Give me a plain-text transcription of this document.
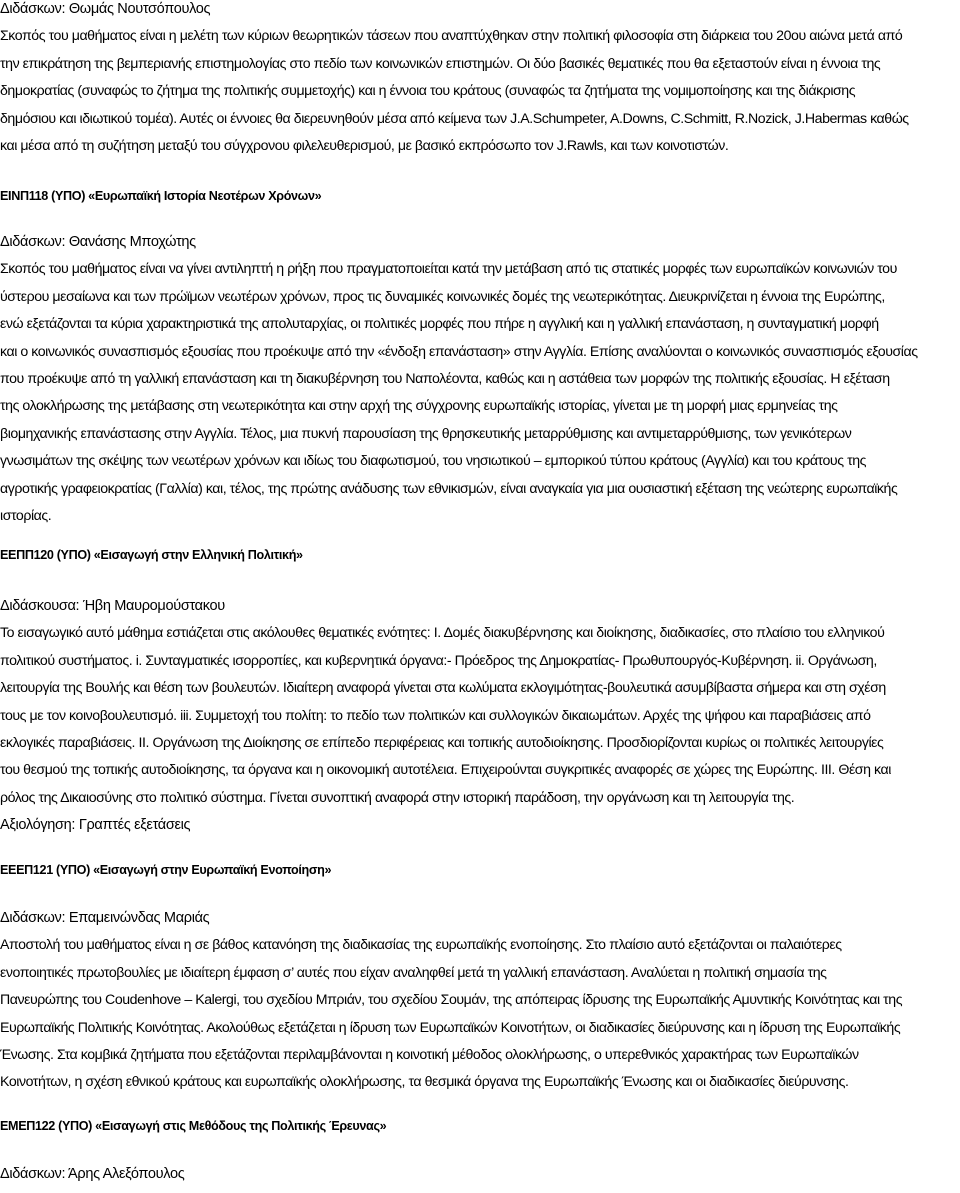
Διδάσκων: Θωμάς Νουτσόπουλος
Σκοπός του μαθήματος είναι η μελέτη των κύριων θεωρητικών τάσεων που αναπτύχθηκαν στην πολιτική φιλοσοφία στη διάρκεια του 20ου αιώνα μετά από
την επικράτηση της βεμπεριανής επιστημολογίας στο πεδίο των κοινωνικών επιστημών. Οι δύο βασικές θεματικές που θα εξεταστούν είναι η έννοια της
δημοκρατίας (συναφώς το ζήτημα της πολιτικής συμμετοχής) και η έννοια του κράτους (συναφώς τα ζητήματα της νομιμοποίησης και της διάκρισης
δημόσιου και ιδιωτικού τομέα). Αυτές οι έννοιες θα διερευνηθούν μέσα από κείμενα των J.A.Schumpeter, A.Downs, C.Schmitt, R.Nozick, J.Habermas καθώς
και μέσα από τη συζήτηση μεταξύ του σύγχρονου φιλελευθερισμού, με βασικό εκπρόσωπο τον J.Rawls, και των κοινοτιστών.
ΕΙΝΠ118 (ΥΠΟ) «Ευρωπαϊκή Ιστορία Νεοτέρων Χρόνων»
Διδάσκων: Θανάσης Μποχώτης
Σκοπός του μαθήματος είναι να γίνει αντιληπτή η ρήξη που πραγματοποιείται κατά την μετάβαση από τις στατικές μορφές των ευρωπαϊκών κοινωνιών του
ύστερου μεσαίωνα και των πρώϊμων νεωτέρων χρόνων, προς τις δυναμικές κοινωνικές δομές της νεωτερικότητας. Διευκρινίζεται η έννοια της Ευρώπης,
ενώ εξετάζονται τα κύρια χαρακτηριστικά της απολυταρχίας, οι πολιτικές μορφές που πήρε η αγγλική και η γαλλική επανάσταση, η συνταγματική μορφή
και ο κοινωνικός συνασπισμός εξουσίας που προέκυψε από την «ένδοξη επανάσταση» στην Αγγλία. Επίσης αναλύονται ο κοινωνικός συνασπισμός εξουσίας
που προέκυψε από τη γαλλική επανάσταση και τη διακυβέρνηση του Ναπολέοντα, καθώς και η αστάθεια των μορφών της πολιτικής εξουσίας. Η εξέταση
της ολοκλήρωσης της μετάβασης στη νεωτερικότητα και στην αρχή της σύγχρονης ευρωπαϊκής ιστορίας, γίνεται με τη μορφή μιας ερμηνείας της
βιομηχανικής επανάστασης στην Αγγλία. Τέλος, μια πυκνή παρουσίαση της θρησκευτικής μεταρρύθμισης και αντιμεταρρύθμισης, των γενικότερων
γνωσιμάτων της σκέψης των νεωτέρων χρόνων και ιδίως του διαφωτισμού, του νησιωτικού – εμπορικού τύπου κράτους (Αγγλία) και του κράτους της
αγροτικής γραφειοκρατίας (Γαλλία) και, τέλος, της πρώτης ανάδυσης των εθνικισμών, είναι αναγκαία για μια ουσιαστική εξέταση της νεώτερης ευρωπαϊκής
ιστορίας.
ΕΕΠΠ120 (ΥΠΟ) «Εισαγωγή στην Ελληνική Πολιτική»
Διδάσκουσα: Ήβη Μαυρομούστακου
Το εισαγωγικό αυτό μάθημα εστιάζεται στις ακόλουθες θεματικές ενότητες: Ι. Δομές διακυβέρνησης και διοίκησης, διαδικασίες, στο πλαίσιο του ελληνικού
πολιτικού συστήματος. i. Συνταγματικές ισορροπίες, και κυβερνητικά όργανα:- Πρόεδρος της Δημοκρατίας- Πρωθυπουργός-Κυβέρνηση. ii. Οργάνωση,
λειτουργία της Βουλής και θέση των βουλευτών. Ιδιαίτερη αναφορά γίνεται στα κωλύματα εκλογιμότητας-βουλευτικά ασυμβίβαστα σήμερα και στη σχέση
τους με τον κοινοβουλευτισμό. iii. Συμμετοχή του πολίτη: το πεδίο των πολιτικών και συλλογικών δικαιωμάτων. Αρχές της ψήφου και παραβιάσεις από
εκλογικές παραβιάσεις. ΙΙ. Οργάνωση της Διοίκησης σε επίπεδο περιφέρειας και τοπικής αυτοδιοίκησης. Προσδιορίζονται κυρίως οι πολιτικές λειτουργίες
του θεσμού της τοπικής αυτοδιοίκησης, τα όργανα και η οικονομική αυτοτέλεια. Επιχειρούνται συγκριτικές αναφορές σε χώρες της Ευρώπης. ΙΙΙ. Θέση και
ρόλος της Δικαιοσύνης στο πολιτικό σύστημα. Γίνεται συνοπτική αναφορά στην ιστορική παράδοση, την οργάνωση και τη λειτουργία της.
Αξιολόγηση: Γραπτές εξετάσεις
ΕΕΕΠ121 (ΥΠΟ) «Εισαγωγή στην Ευρωπαϊκή Ενοποίηση»
Διδάσκων: Επαμεινώνδας Μαριάς
Αποστολή του μαθήματος είναι η σε βάθος κατανόηση της διαδικασίας της ευρωπαϊκής ενοποίησης. Στο πλαίσιο αυτό εξετάζονται οι παλαιότερες
ενοποιητικές πρωτοβουλίες με ιδιαίτερη έμφαση σ’ αυτές που είχαν αναληφθεί μετά τη γαλλική επανάσταση. Αναλύεται η πολιτική σημασία της
Πανευρώπης του Coudenhove – Kalergi, του σχεδίου Μπριάν, του σχεδίου Σουμάν, της απόπειρας ίδρυσης της Ευρωπαϊκής Αμυντικής Κοινότητας και της
Ευρωπαϊκής Πολιτικής Κοινότητας. Ακολούθως εξετάζεται η ίδρυση των Ευρωπαϊκών Κοινοτήτων, οι διαδικασίες διεύρυνσης και η ίδρυση της Ευρωπαϊκής
Ένωσης. Στα κομβικά ζητήματα που εξετάζονται περιλαμβάνονται η κοινοτική μέθοδος ολοκλήρωσης, ο υπερεθνικός χαρακτήρας των Ευρωπαϊκών
Κοινοτήτων, η σχέση εθνικού κράτους και ευρωπαϊκής ολοκλήρωσης, τα θεσμικά όργανα της Ευρωπαϊκής Ένωσης και οι διαδικασίες διεύρυνσης.
ΕΜΕΠ122 (ΥΠΟ) «Εισαγωγή στις Μεθόδους της Πολιτικής Έρευνας»
Διδάσκων: Άρης Αλεξόπουλος
